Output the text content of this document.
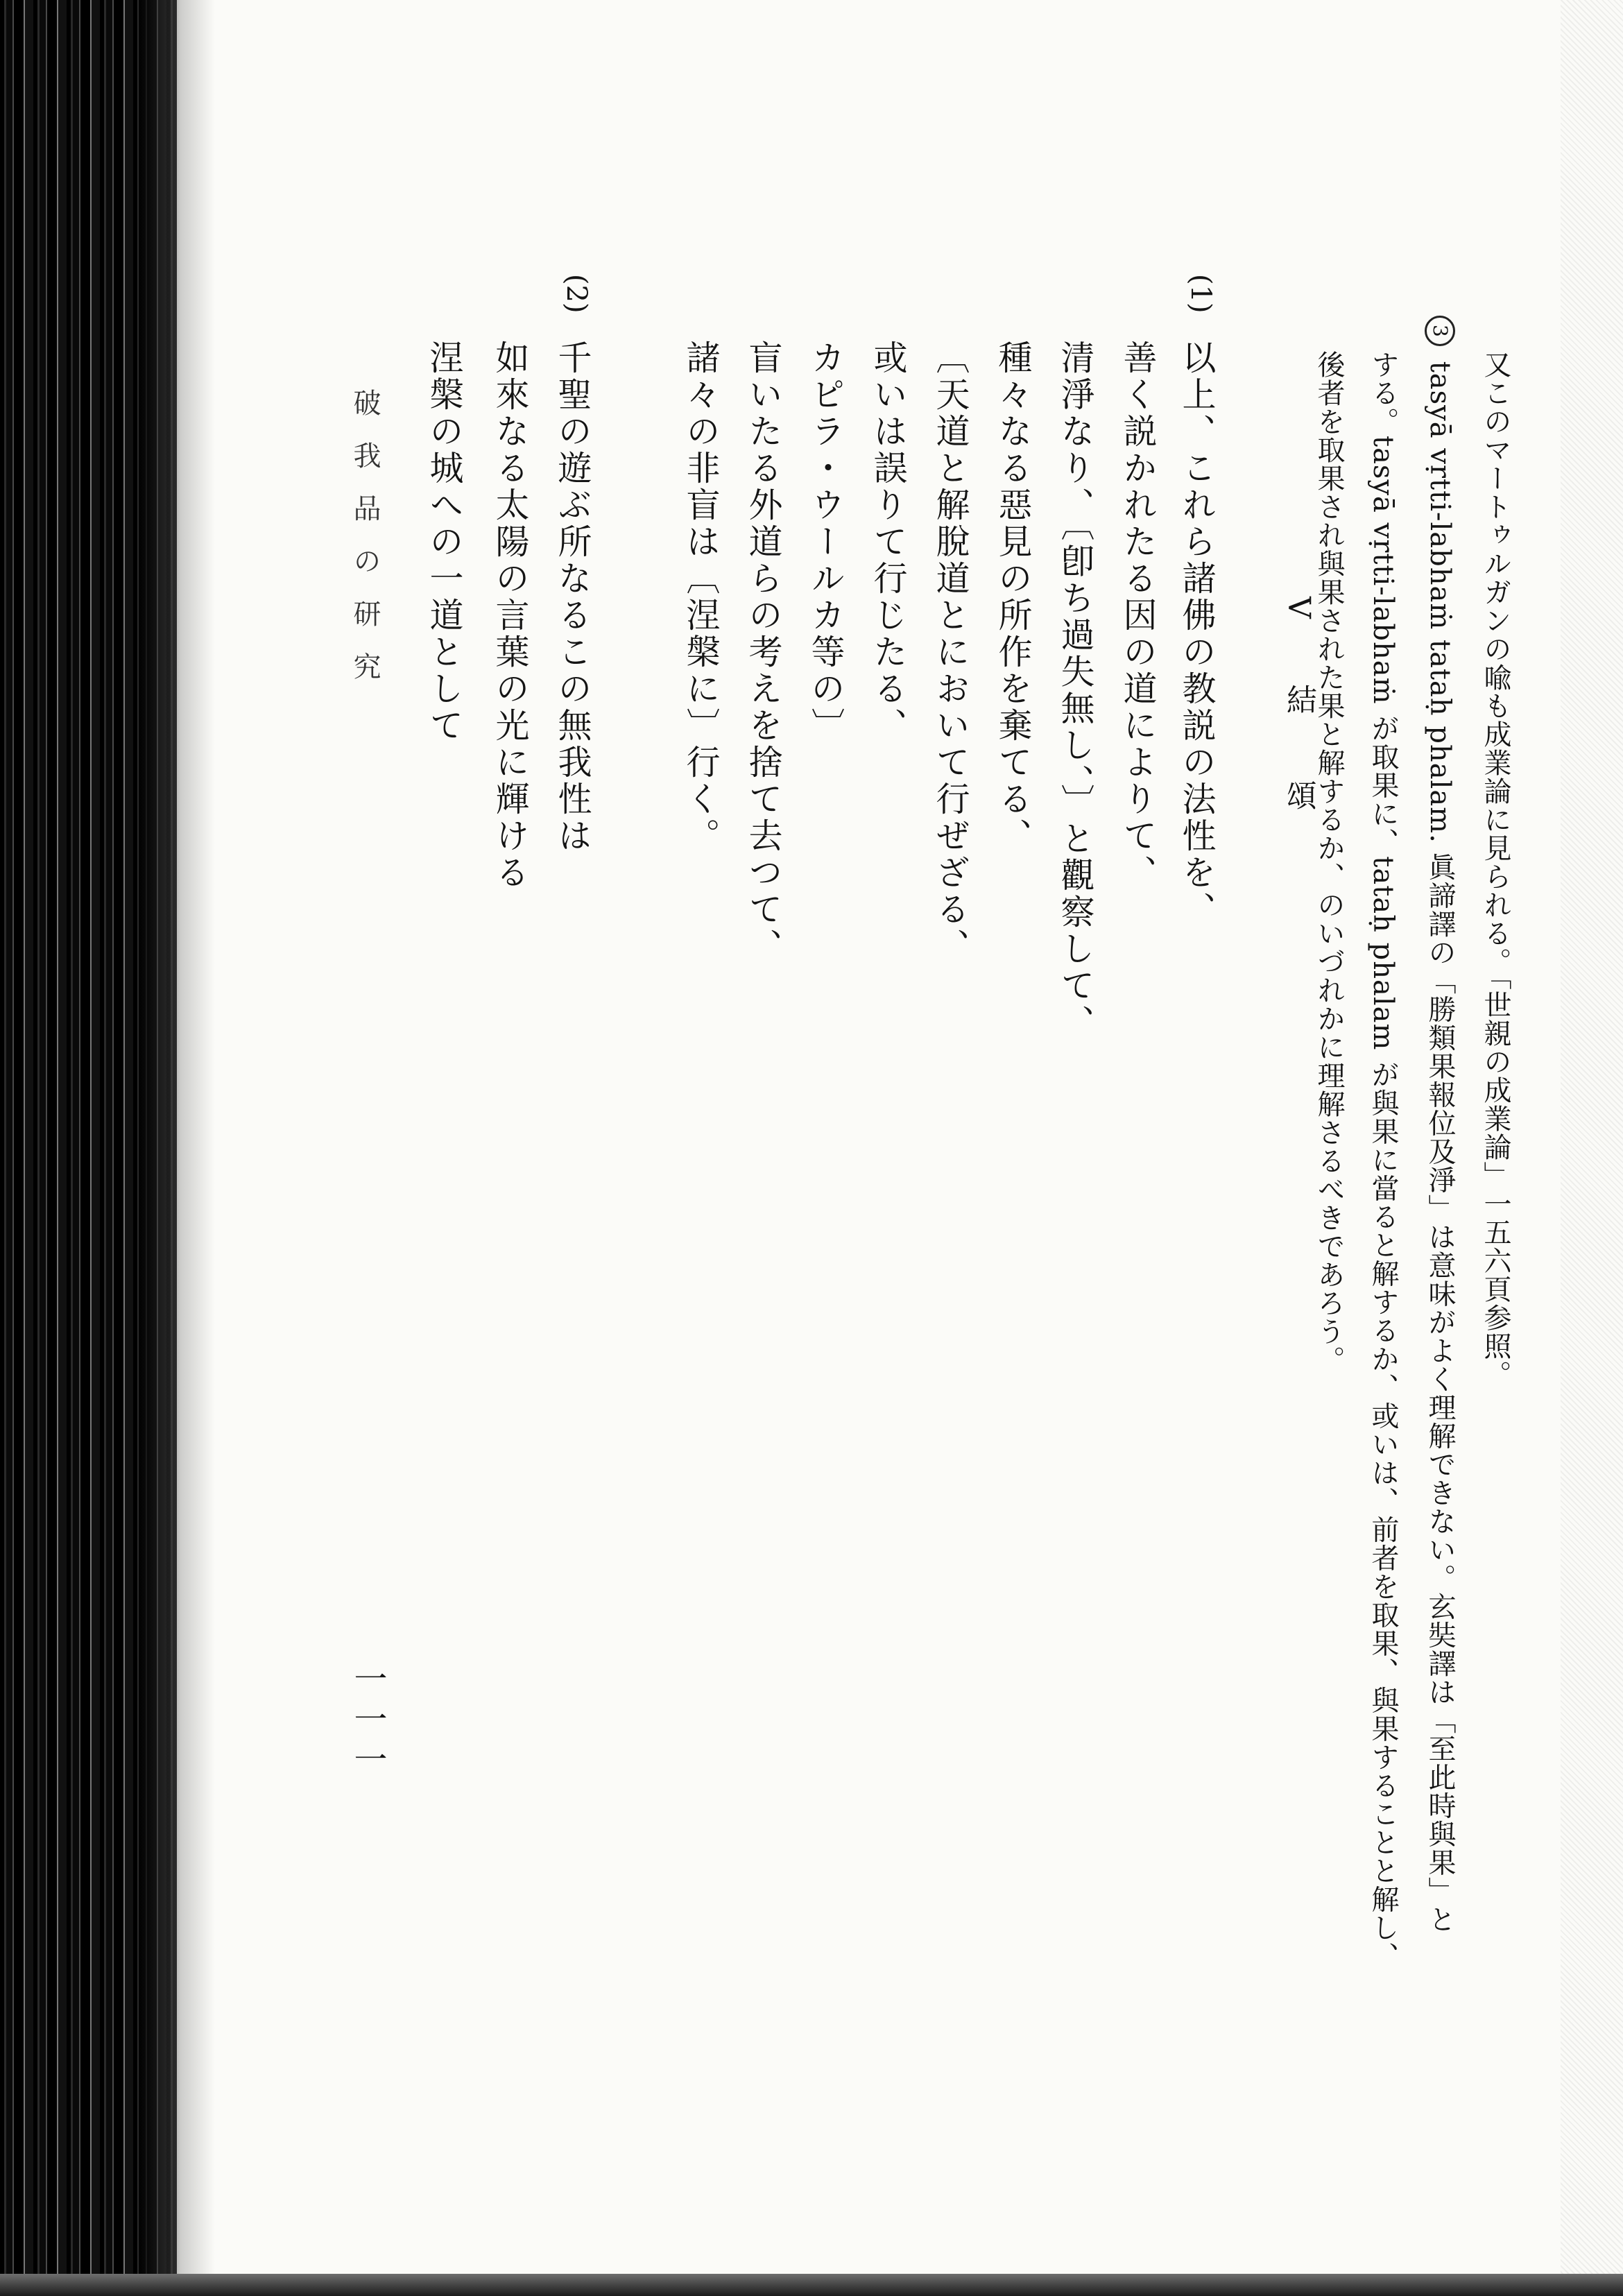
又このマートゥルガンの喩も成業論に見られる。「世親の成業論」一五六頁参照。

3 tasyā vṛtti-labhaṁ tataḥ phalam. 眞諦譯の「勝類果報位及淨」は意味がよく理解できない。玄奘譯は「至此時與果」と

する。tasyā vṛtti-labhaṁ が取果に、tataḥ phalam が與果に當ると解するか、或いは、前者を取果、與果することと解し、

後者を取果され與果された果と解するか、のいづれかに理解さるべきであろう。

V 結 頌

(1)

以上、これら諸佛の教説の法性を、

善く説かれたる因の道によりて、

清淨なり、〔卽ち過失無し、〕と觀察して、

種々なる惡見の所作を棄てる、

〔天道と解脫道とにおいて行ぜざる、

或いは誤りて行じたる、

カピラ・ウールカ等の〕

盲いたる外道らの考えを捨て去つて、

諸々の非盲は〔涅槃に〕行く。

(2)

千聖の遊ぶ所なるこの無我性は

如來なる太陽の言葉の光に輝ける

涅槃の城への一道として

破我品の研究

一一一
